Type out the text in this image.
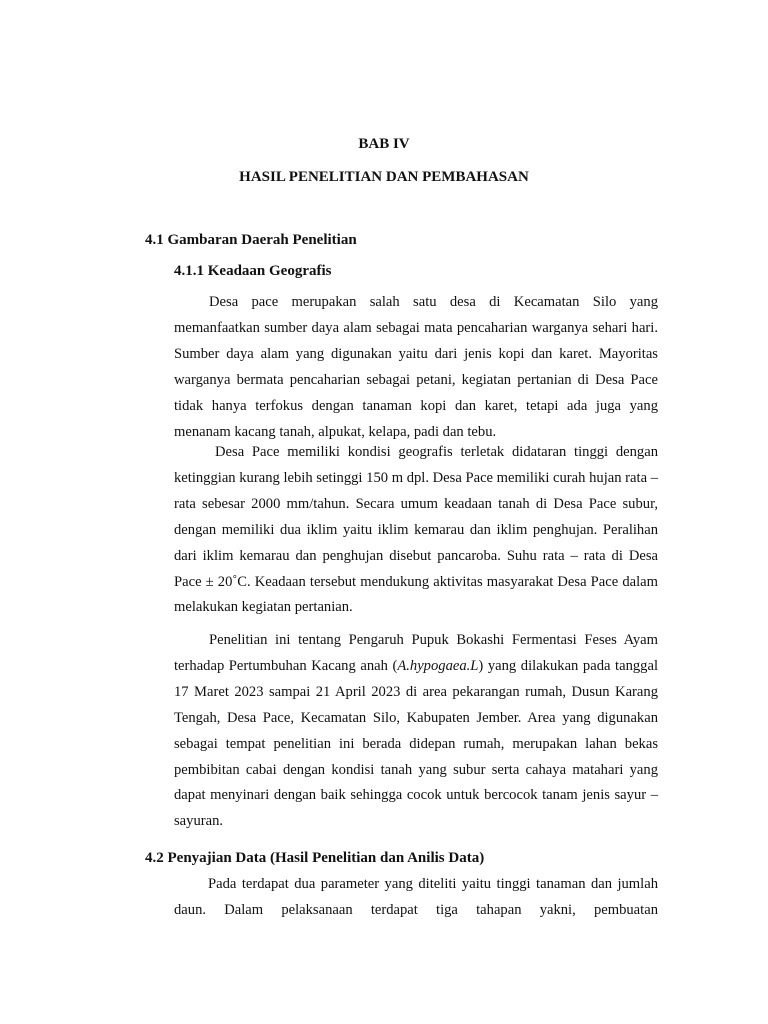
BAB IV
HASIL PENELITIAN DAN PEMBAHASAN
4.1 Gambaran Daerah Penelitian
4.1.1 Keadaan Geografis

Desa pace merupakan salah satu desa di Kecamatan Silo yang memanfaatkan sumber daya alam sebagai mata pencaharian warganya sehari hari. Sumber daya alam yang digunakan yaitu dari jenis kopi dan karet. Mayoritas warganya bermata pencaharian sebagai petani, kegiatan pertanian di Desa Pace tidak hanya terfokus dengan tanaman kopi dan karet, tetapi ada juga yang menanam kacang tanah, alpukat, kelapa, padi dan tebu.

Desa Pace memiliki kondisi geografis terletak didataran tinggi dengan ketinggian kurang lebih setinggi 150 m dpl. Desa Pace memiliki curah hujan rata – rata sebesar 2000 mm/tahun. Secara umum keadaan tanah di Desa Pace subur, dengan memiliki dua iklim yaitu iklim kemarau dan iklim penghujan. Peralihan dari iklim kemarau dan penghujan disebut pancaroba. Suhu rata – rata di Desa Pace ± 20˚C. Keadaan tersebut mendukung aktivitas masyarakat Desa Pace dalam melakukan kegiatan pertanian.

Penelitian ini tentang Pengaruh Pupuk Bokashi Fermentasi Feses Ayam terhadap Pertumbuhan Kacang anah (A.hypogaea.L) yang dilakukan pada tanggal 17 Maret 2023 sampai 21 April 2023 di area pekarangan rumah, Dusun Karang Tengah, Desa Pace, Kecamatan Silo, Kabupaten Jember. Area yang digunakan sebagai tempat penelitian ini berada didepan rumah, merupakan lahan bekas pembibitan cabai dengan kondisi tanah yang subur serta cahaya matahari yang dapat menyinari dengan baik sehingga cocok untuk bercocok tanam jenis sayur – sayuran.

4.2 Penyajian Data (Hasil Penelitian dan Anilis Data)

Pada terdapat dua parameter yang diteliti yaitu tinggi tanaman dan jumlah daun. Dalam pelaksanaan terdapat tiga tahapan yakni, pembuatan
